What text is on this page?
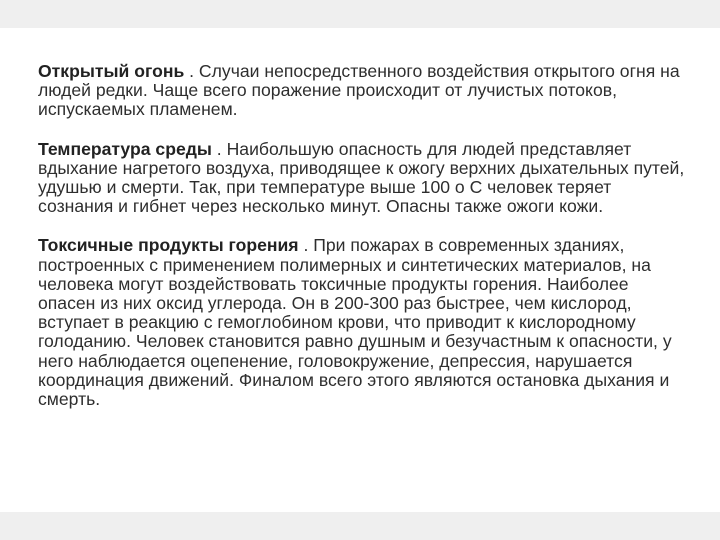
Открытый огонь . Случаи непосредственного воздействия открытого огня на людей редки. Чаще всего поражение происходит от лучистых потоков, испускаемых пламенем.

Температура среды . Наибольшую опасность для людей представляет вдыхание нагретого воздуха, приводящее к ожогу верхних дыхательных путей, удушью и смерти. Так, при температуре выше 100 о С человек теряет сознания и гибнет через несколько минут. Опасны также ожоги кожи.

Токсичные продукты горения . При пожарах в современных зданиях, построенных с применением полимерных и синтетических материалов, на человека могут воздействовать токсичные продукты горения. Наиболее опасен из них оксид углерода. Он в 200-300 раз быстрее, чем кислород, вступает в реакцию с гемоглобином крови, что приводит к кислородному голоданию. Человек становится равно душным и безучастным к опасности, у него наблюдается оцепенение, головокружение, депрессия, нарушается координация движений. Финалом всего этого являются остановка дыхания и смерть.
